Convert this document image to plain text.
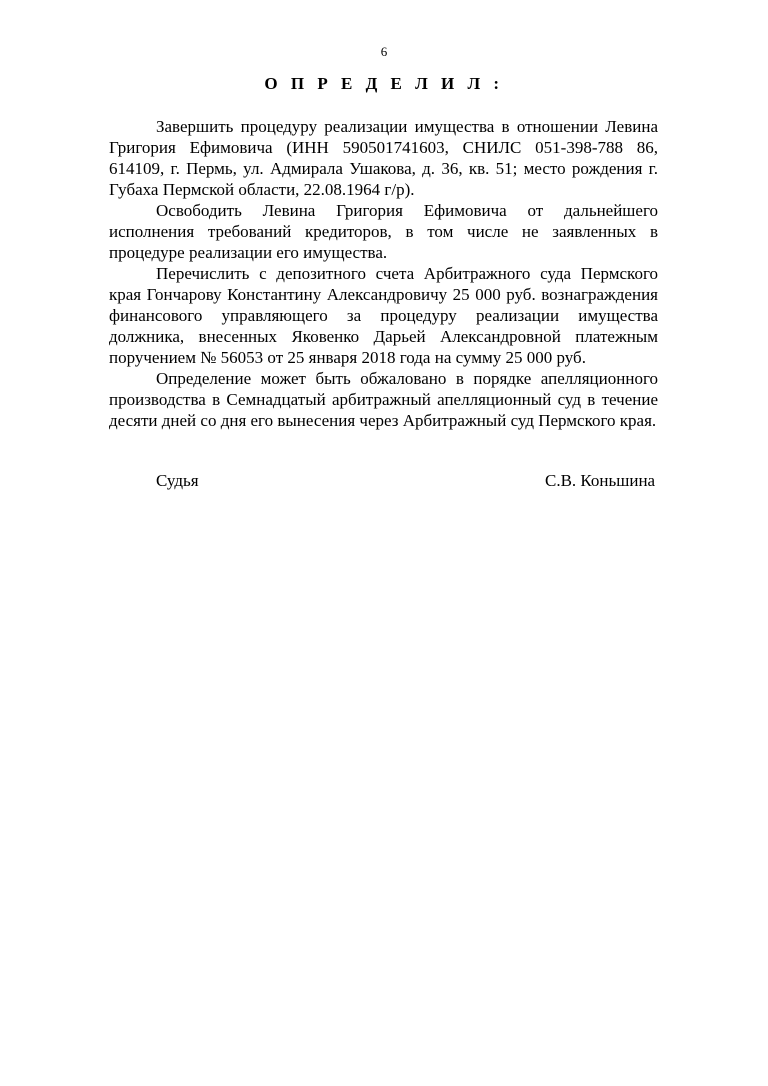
6
О П Р Е Д Е Л И Л :

Завершить процедуру реализации имущества в отношении Левина Григория Ефимовича (ИНН 590501741603, СНИЛС 051-398-788 86, 614109, г. Пермь, ул. Адмирала Ушакова, д. 36, кв. 51; место рождения г. Губаха Пермской области, 22.08.1964 г/р).

Освободить Левина Григория Ефимовича от дальнейшего исполнения требований кредиторов, в том числе не заявленных в процедуре реализации его имущества.

Перечислить с депозитного счета Арбитражного суда Пермского края Гончарову Константину Александровичу 25 000 руб. вознаграждения финансового управляющего за процедуру реализации имущества должника, внесенных Яковенко Дарьей Александровной платежным поручением № 56053 от 25 января 2018 года на сумму 25 000 руб.

Определение может быть обжаловано в порядке апелляционного производства в Семнадцатый арбитражный апелляционный суд в течение десяти дней со дня его вынесения через Арбитражный суд Пермского края.

Судья	С.В. Коньшина
